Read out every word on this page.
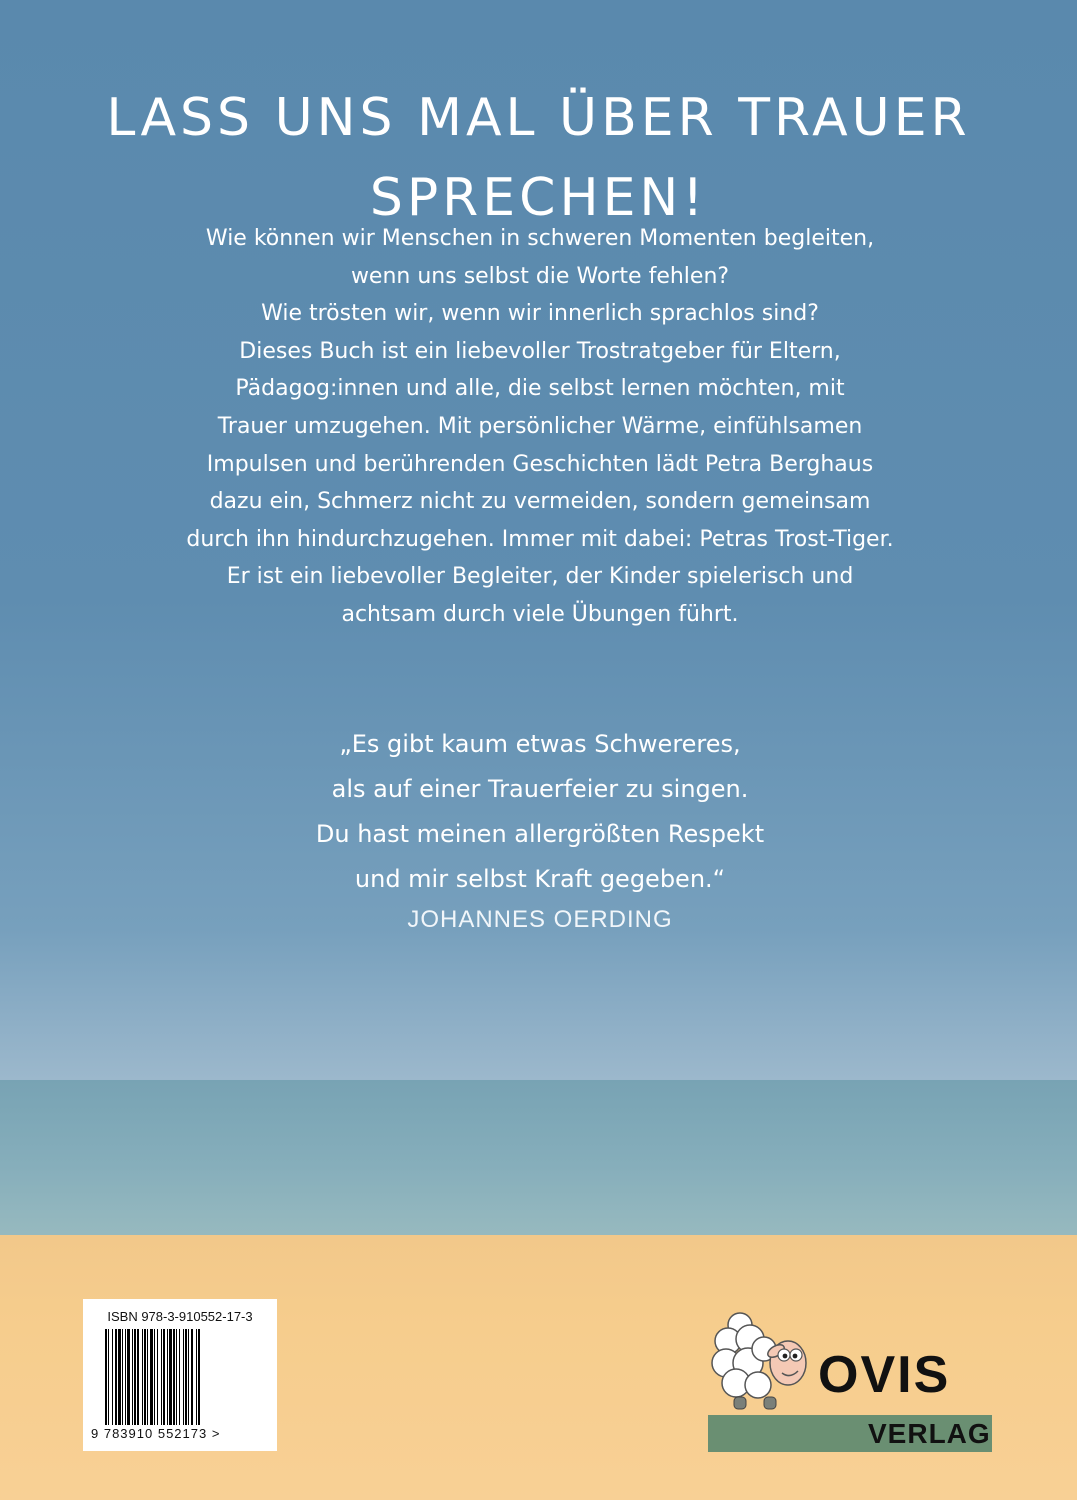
LASS UNS MAL ÜBER TRAUER SPRECHEN!
Wie können wir Menschen in schweren Momenten begleiten,
wenn uns selbst die Worte fehlen?
Wie trösten wir, wenn wir innerlich sprachlos sind?
Dieses Buch ist ein liebevoller Trostratgeber für Eltern,
Pädagog:innen und alle, die selbst lernen möchten, mit
Trauer umzugehen. Mit persönlicher Wärme, einfühlsamen
Impulsen und berührenden Geschichten lädt Petra Berghaus
dazu ein, Schmerz nicht zu vermeiden, sondern gemeinsam
durch ihn hindurchzugehen. Immer mit dabei: Petras Trost-Tiger.
Er ist ein liebevoller Begleiter, der Kinder spielerisch und
achtsam durch viele Übungen führt.
„Es gibt kaum etwas Schwereres,
als auf einer Trauerfeier zu singen.
Du hast meinen allergrößten Respekt
und mir selbst Kraft gegeben.“
JOHANNES OERDING
ISBN 978-3-910552-17-3
9 783910 552173 >
OVIS
VERLAG
